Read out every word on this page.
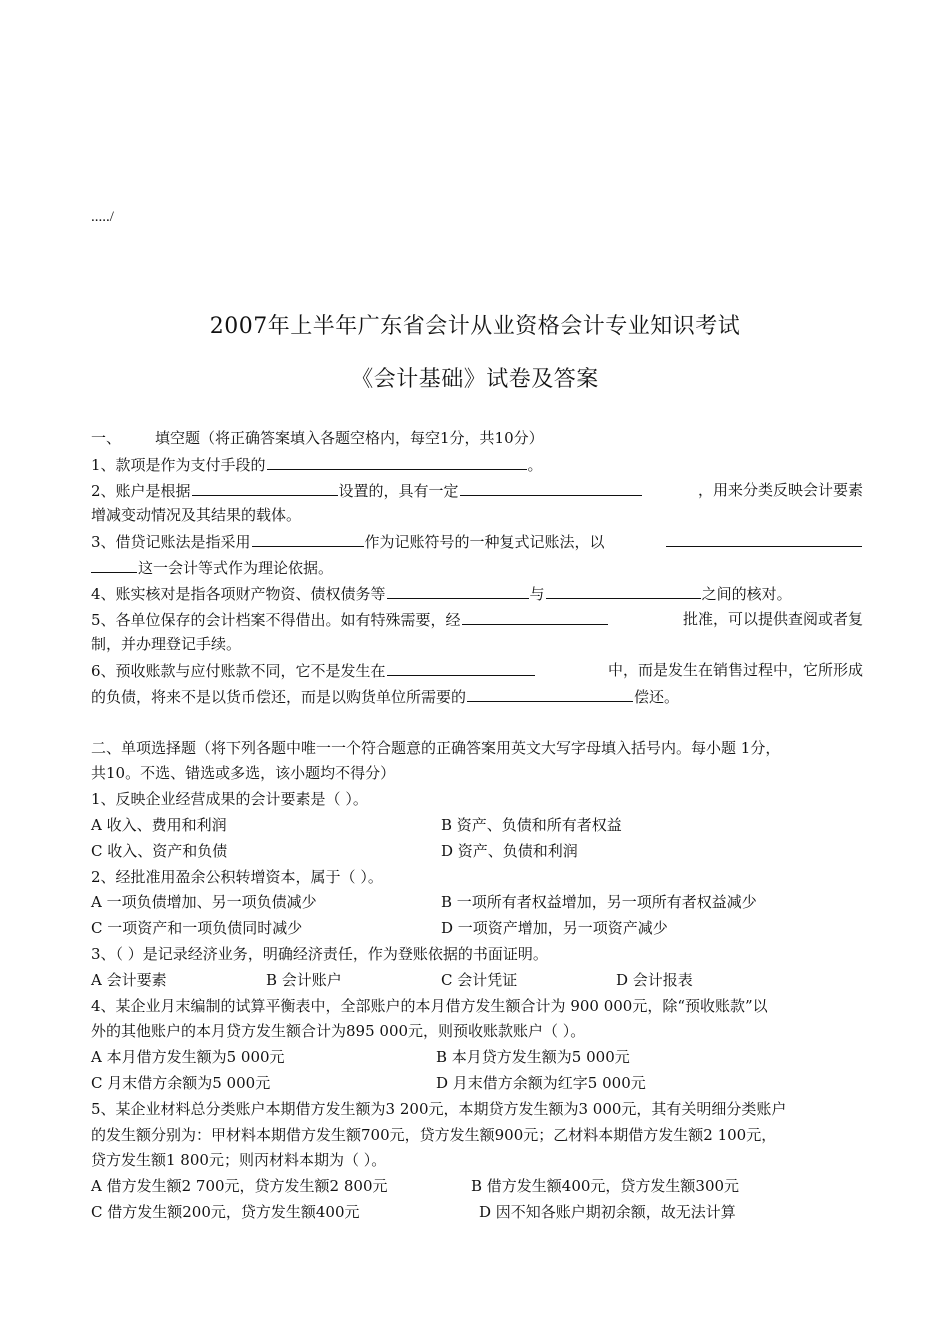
...../
2007年上半年广东省会计从业资格会计专业知识考试
《会计基础》试卷及答案
一、 填空题（将正确答案填入各题空格内，每空1分，共10分）
1、款项是作为支付手段的	。
2、账户是根据	设置的，具有一定	，用来分类反映会计要素
增减变动情况及其结果的载体。
3、借贷记账法是指采用	作为记账符号的一种复式记账法，以
这一会计等式作为理论依据。
4、账实核对是指各项财产物资、债权债务等	与	之间的核对。
5、各单位保存的会计档案不得借出。如有特殊需要，经	批准，可以提供查阅或者复
制，并办理登记手续。
6、预收账款与应付账款不同，它不是发生在	中，而是发生在销售过程中，它所形成
的负债，将来不是以货币偿还，而是以购货单位所需要的	偿还。
二、单项选择题（将下列各题中唯一一个符合题意的正确答案用英文大写字母填入括号内。每小题 1分，
共10。不选、错选或多选，该小题均不得分）
1、反映企业经营成果的会计要素是（ ）。
A 收入、费用和利润	B 资产、负债和所有者权益
C 收入、资产和负债	D 资产、负债和利润
2、经批准用盈余公积转增资本，属于（ ）。
A 一项负债增加、另一项负债减少	B 一项所有者权益增加，另一项所有者权益减少
C 一项资产和一项负债同时减少	D 一项资产增加，另一项资产减少
3、（ ）是记录经济业务，明确经济责任，作为登账依据的书面证明。
A 会计要素	B 会计账户	C 会计凭证	D 会计报表
4、某企业月末编制的试算平衡表中，全部账户的本月借方发生额合计为 900 000元，除“预收账款”以
外的其他账户的本月贷方发生额合计为895 000元，则预收账款账户（ ）。
A 本月借方发生额为5 000元	B 本月贷方发生额为5 000元
C 月末借方余额为5 000元	D 月末借方余额为红字5 000元
5、某企业材料总分类账户本期借方发生额为3 200元，本期贷方发生额为3 000元，其有关明细分类账户
的发生额分别为：甲材料本期借方发生额700元，贷方发生额900元；乙材料本期借方发生额2 100元，
贷方发生额1 800元；则丙材料本期为（ ）。
A 借方发生额2 700元，贷方发生额2 800元	B 借方发生额400元，贷方发生额300元
C 借方发生额200元，贷方发生额400元	D 因不知各账户期初余额，故无法计算
